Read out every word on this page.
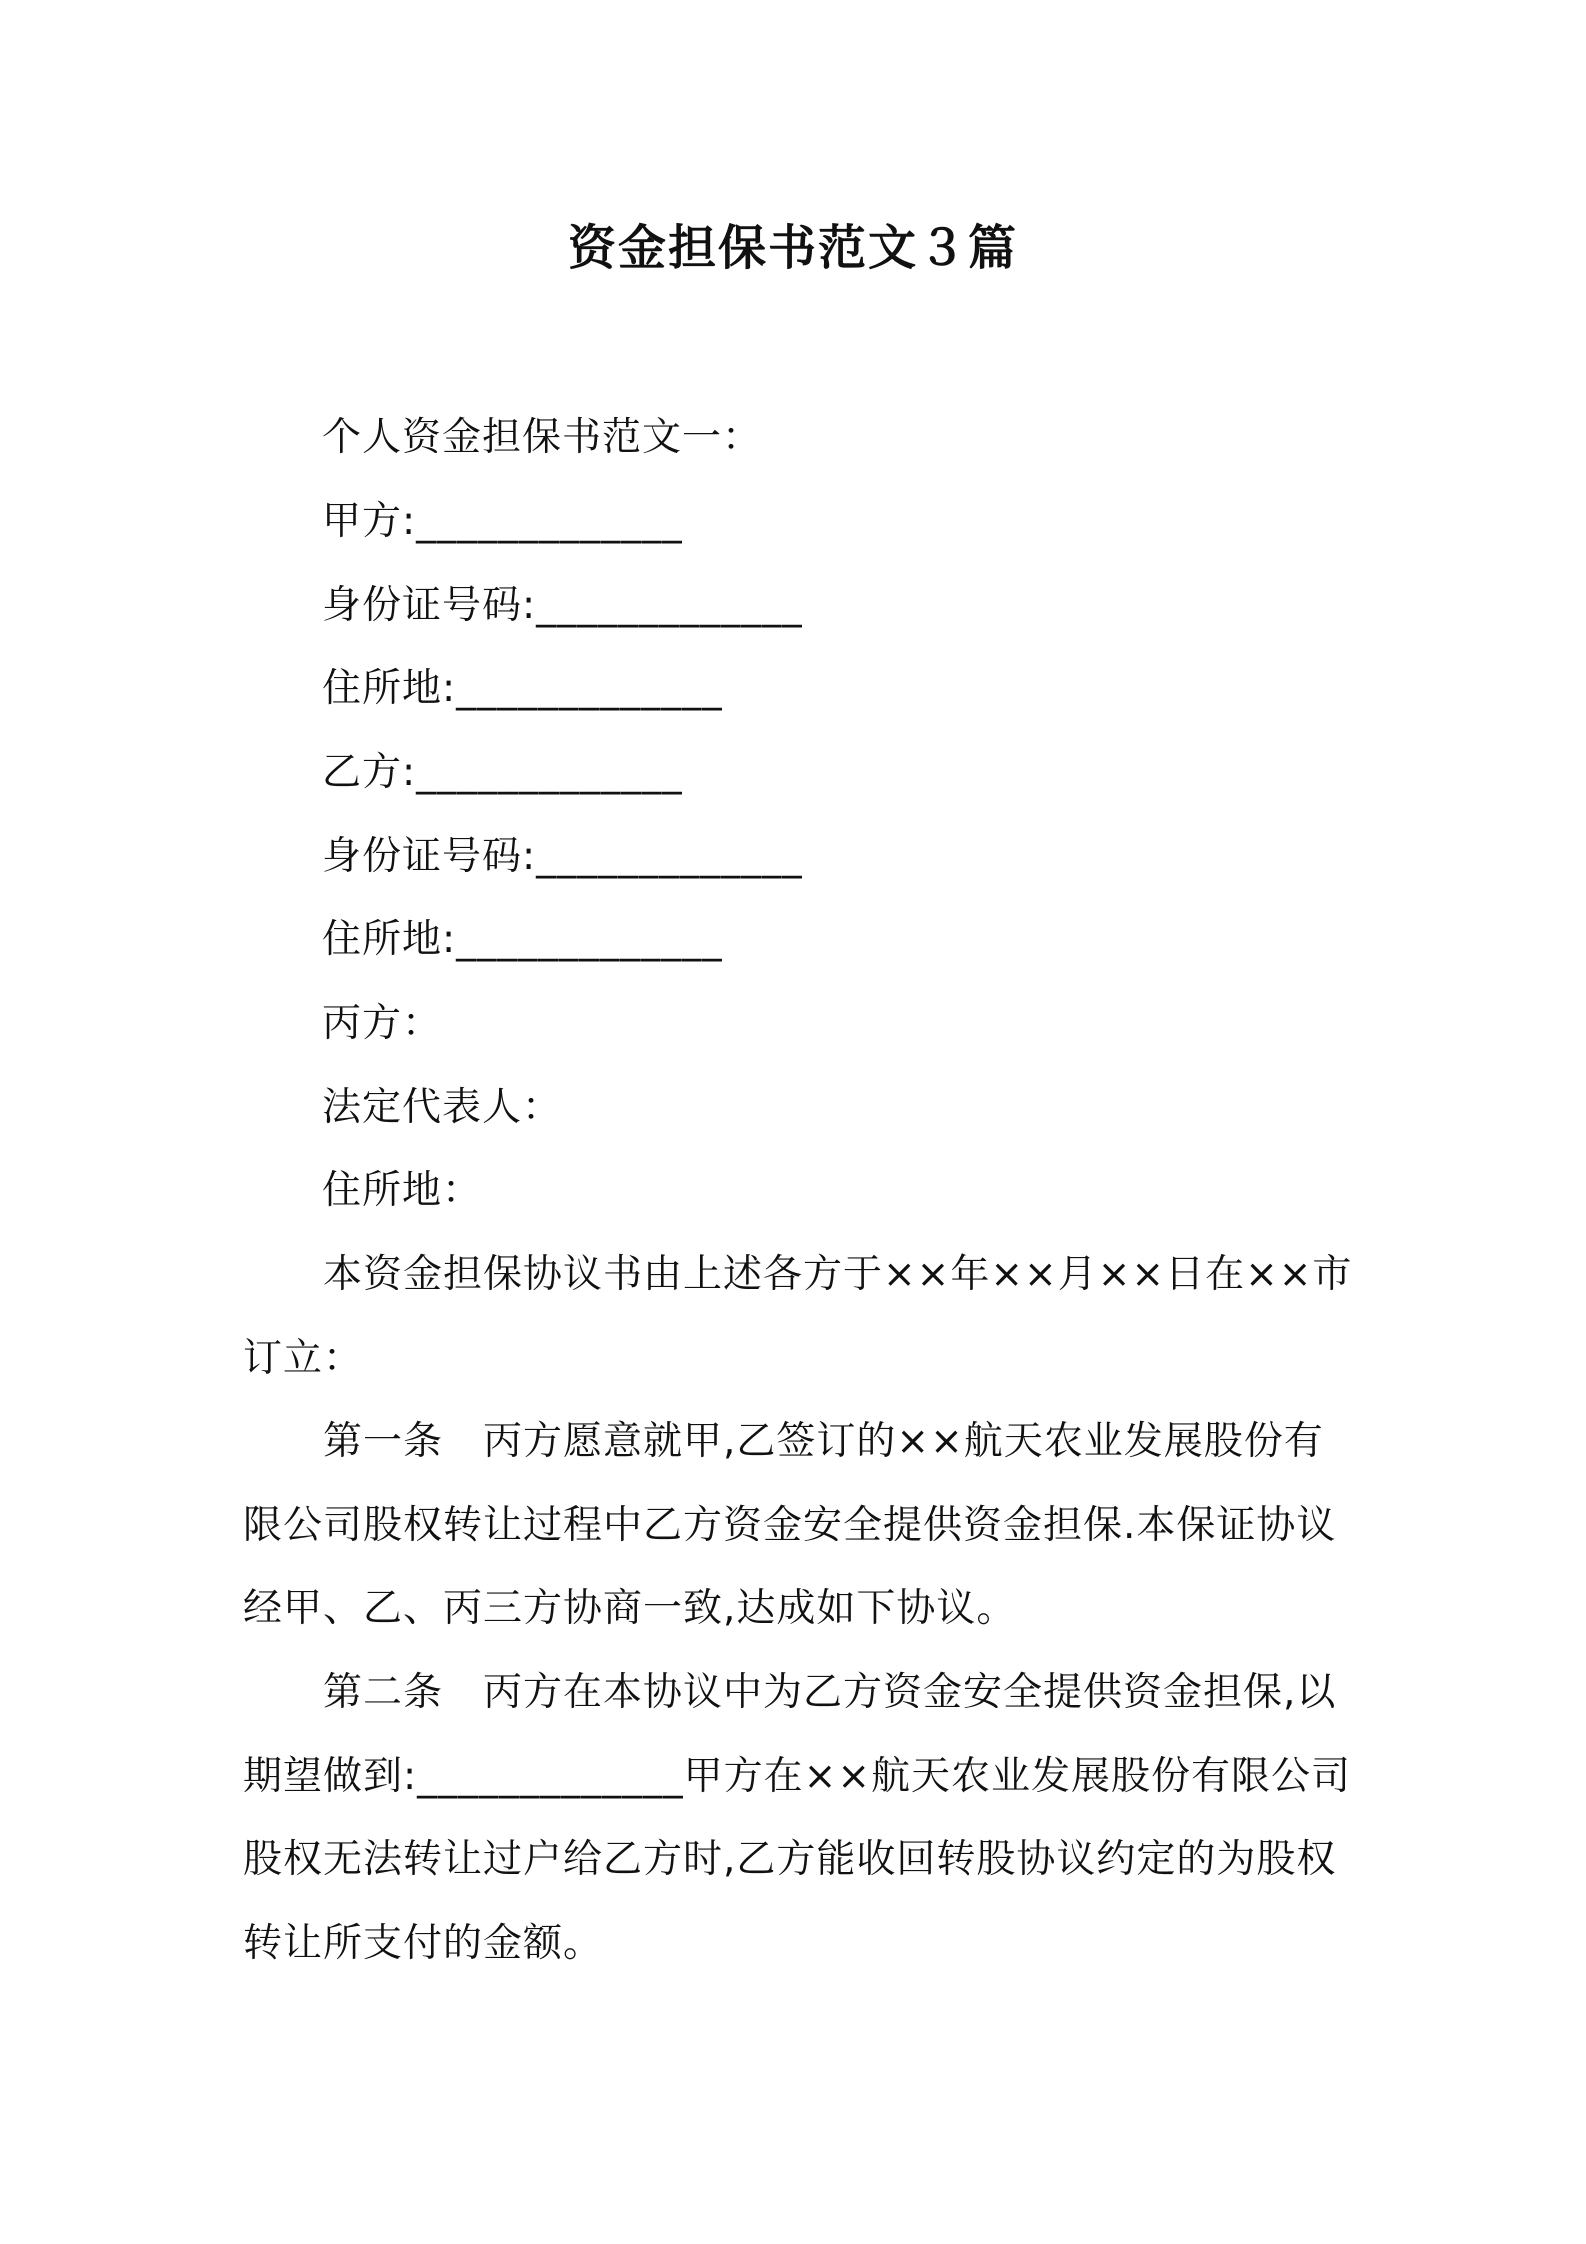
资金担保书范文３篇
个人资金担保书范文一：
甲方:_____________
身份证号码:_____________
住所地:_____________
乙方:_____________
身份证号码:_____________
住所地:_____________
丙方：
法定代表人：
住所地：

本资金担保协议书由上述各方于××年××月××日在××市订立：

第一条　丙方愿意就甲,乙签订的××航天农业发展股份有限公司股权转让过程中乙方资金安全提供资金担保.本保证协议经甲、乙、丙三方协商一致,达成如下协议。

第二条　丙方在本协议中为乙方资金安全提供资金担保,以期望做到:_____________甲方在××航天农业发展股份有限公司股权无法转让过户给乙方时,乙方能收回转股协议约定的为股权转让所支付的金额。
